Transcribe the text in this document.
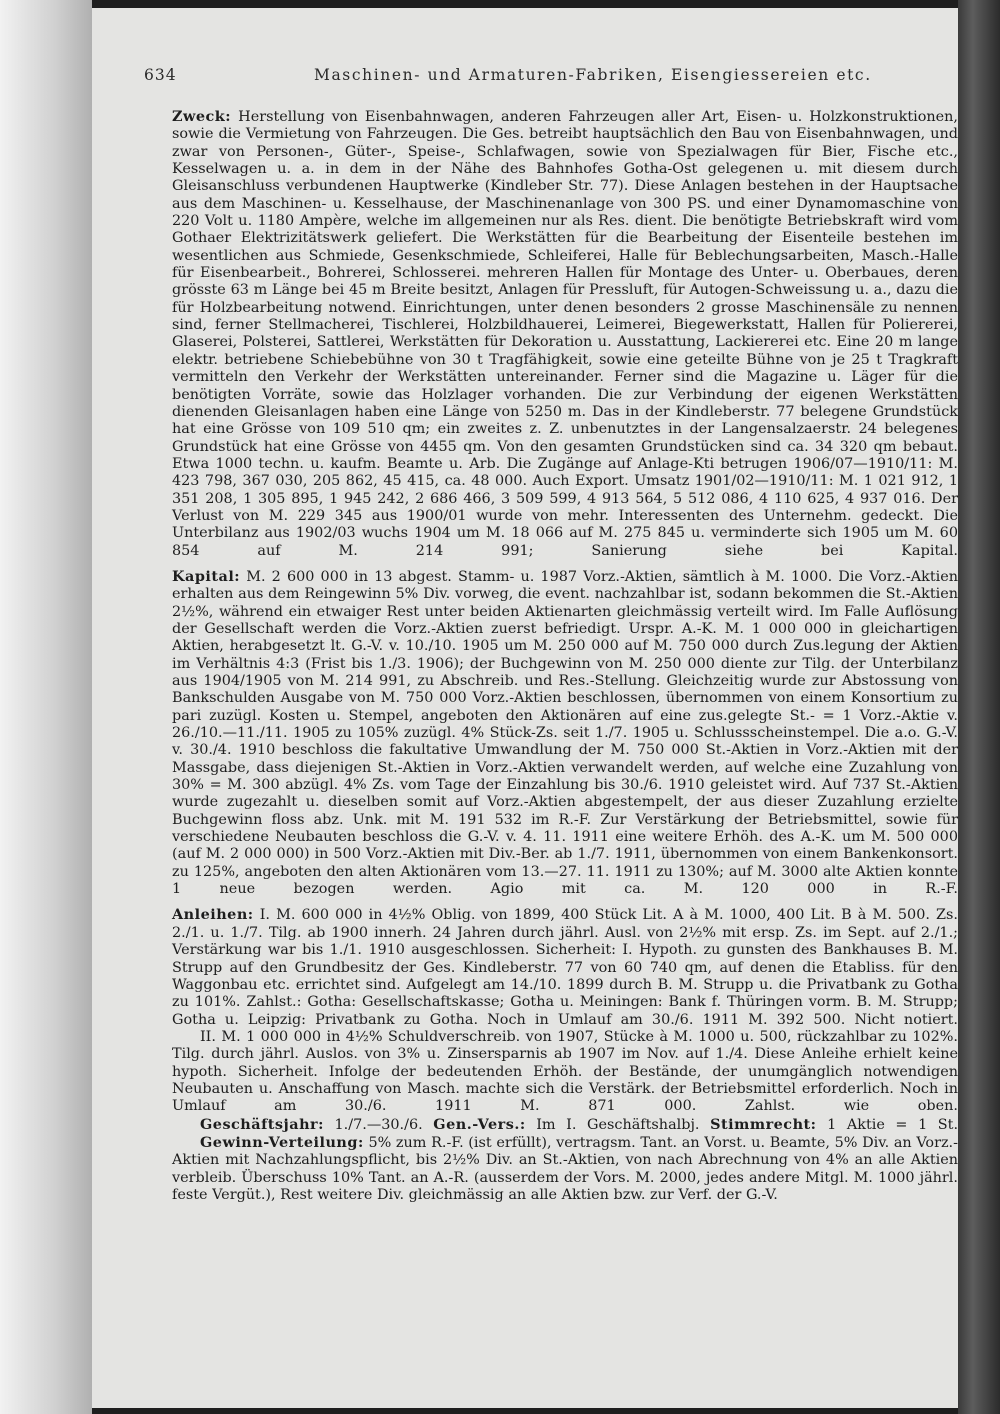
634	Maschinen- und Armaturen-Fabriken, Eisengiessereien etc.

Zweck: Herstellung von Eisenbahnwagen, anderen Fahrzeugen aller Art, Eisen- u. Holzkonstruktionen, sowie die Vermietung von Fahrzeugen. Die Ges. betreibt hauptsächlich den Bau von Eisenbahnwagen, und zwar von Personen-, Güter-, Speise-, Schlafwagen, sowie von Spezialwagen für Bier, Fische etc., Kesselwagen u. a. in dem in der Nähe des Bahnhofes Gotha-Ost gelegenen u. mit diesem durch Gleisanschluss verbundenen Hauptwerke (Kindleber Str. 77). Diese Anlagen bestehen in der Hauptsache aus dem Maschinen- u. Kesselhause, der Maschinenanlage von 300 PS. und einer Dynamomaschine von 220 Volt u. 1180 Ampère, welche im allgemeinen nur als Res. dient. Die benötigte Betriebskraft wird vom Gothaer Elektrizitätswerk geliefert. Die Werkstätten für die Bearbeitung der Eisenteile bestehen im wesentlichen aus Schmiede, Gesenkschmiede, Schleiferei, Halle für Beblechungsarbeiten, Masch.-Halle für Eisenbearbeit., Bohrerei, Schlosserei. mehreren Hallen für Montage des Unter- u. Oberbaues, deren grösste 63 m Länge bei 45 m Breite besitzt, Anlagen für Pressluft, für Autogen-Schweissung u. a., dazu die für Holzbearbeitung notwend. Einrichtungen, unter denen besonders 2 grosse Maschinensäle zu nennen sind, ferner Stellmacherei, Tischlerei, Holzbildhauerei, Leimerei, Biegewerkstatt, Hallen für Poliererei, Glaserei, Polsterei, Sattlerei, Werkstätten für Dekoration u. Ausstattung, Lackiererei etc. Eine 20 m lange elektr. betriebene Schiebebühne von 30 t Tragfähigkeit, sowie eine geteilte Bühne von je 25 t Tragkraft vermitteln den Verkehr der Werkstätten untereinander. Ferner sind die Magazine u. Läger für die benötigten Vorräte, sowie das Holzlager vorhanden. Die zur Verbindung der eigenen Werkstätten dienenden Gleisanlagen haben eine Länge von 5250 m. Das in der Kindleberstr. 77 belegene Grundstück hat eine Grösse von 109 510 qm; ein zweites z. Z. unbenutztes in der Langensalzaerstr. 24 belegenes Grundstück hat eine Grösse von 4455 qm. Von den gesamten Grundstücken sind ca. 34 320 qm bebaut. Etwa 1000 techn. u. kaufm. Beamte u. Arb. Die Zugänge auf Anlage-Kti betrugen 1906/07—1910/11: M. 423 798, 367 030, 205 862, 45 415, ca. 48 000. Auch Export. Umsatz 1901/02—1910/11: M. 1 021 912, 1 351 208, 1 305 895, 1 945 242, 2 686 466, 3 509 599, 4 913 564, 5 512 086, 4 110 625, 4 937 016. Der Verlust von M. 229 345 aus 1900/01 wurde von mehr. Interessenten des Unternehm. gedeckt. Die Unterbilanz aus 1902/03 wuchs 1904 um M. 18 066 auf M. 275 845 u. verminderte sich 1905 um M. 60 854 auf M. 214 991; Sanierung siehe bei Kapital.

Kapital: M. 2 600 000 in 13 abgest. Stamm- u. 1987 Vorz.-Aktien, sämtlich à M. 1000. Die Vorz.-Aktien erhalten aus dem Reingewinn 5% Div. vorweg, die event. nachzahlbar ist, sodann bekommen die St.-Aktien 2½%, während ein etwaiger Rest unter beiden Aktienarten gleichmässig verteilt wird. Im Falle Auflösung der Gesellschaft werden die Vorz.-Aktien zuerst befriedigt. Urspr. A.-K. M. 1 000 000 in gleichartigen Aktien, herabgesetzt lt. G.-V. v. 10./10. 1905 um M. 250 000 auf M. 750 000 durch Zus.legung der Aktien im Verhältnis 4:3 (Frist bis 1./3. 1906); der Buchgewinn von M. 250 000 diente zur Tilg. der Unterbilanz aus 1904/1905 von M. 214 991, zu Abschreib. und Res.-Stellung. Gleichzeitig wurde zur Abstossung von Bankschulden Ausgabe von M. 750 000 Vorz.-Aktien beschlossen, übernommen von einem Konsortium zu pari zuzügl. Kosten u. Stempel, angeboten den Aktionären auf eine zus.gelegte St.- = 1 Vorz.-Aktie v. 26./10.—11./11. 1905 zu 105% zuzügl. 4% Stück-Zs. seit 1./7. 1905 u. Schlussscheinstempel. Die a.o. G.-V. v. 30./4. 1910 beschloss die fakultative Umwandlung der M. 750 000 St.-Aktien in Vorz.-Aktien mit der Massgabe, dass diejenigen St.-Aktien in Vorz.-Aktien verwandelt werden, auf welche eine Zuzahlung von 30% = M. 300 abzügl. 4% Zs. vom Tage der Einzahlung bis 30./6. 1910 geleistet wird. Auf 737 St.-Aktien wurde zugezahlt u. dieselben somit auf Vorz.-Aktien abgestempelt, der aus dieser Zuzahlung erzielte Buchgewinn floss abz. Unk. mit M. 191 532 im R.-F. Zur Verstärkung der Betriebsmittel, sowie für verschiedene Neubauten beschloss die G.-V. v. 4. 11. 1911 eine weitere Erhöh. des A.-K. um M. 500 000 (auf M. 2 000 000) in 500 Vorz.-Aktien mit Div.-Ber. ab 1./7. 1911, übernommen von einem Bankenkonsort. zu 125%, angeboten den alten Aktionären vom 13.—27. 11. 1911 zu 130%; auf M. 3000 alte Aktien konnte 1 neue bezogen werden. Agio mit ca. M. 120 000 in R.-F.

Anleihen: I. M. 600 000 in 4½% Oblig. von 1899, 400 Stück Lit. A à M. 1000, 400 Lit. B à M. 500. Zs. 2./1. u. 1./7. Tilg. ab 1900 innerh. 24 Jahren durch jährl. Ausl. von 2½% mit ersp. Zs. im Sept. auf 2./1.; Verstärkung war bis 1./1. 1910 ausgeschlossen. Sicherheit: I. Hypoth. zu gunsten des Bankhauses B. M. Strupp auf den Grundbesitz der Ges. Kindleberstr. 77 von 60 740 qm, auf denen die Etabliss. für den Waggonbau etc. errichtet sind. Aufgelegt am 14./10. 1899 durch B. M. Strupp u. die Privatbank zu Gotha zu 101%. Zahlst.: Gotha: Gesellschaftskasse; Gotha u. Meiningen: Bank f. Thüringen vorm. B. M. Strupp; Gotha u. Leipzig: Privatbank zu Gotha. Noch in Umlauf am 30./6. 1911 M. 392 500. Nicht notiert.

II. M. 1 000 000 in 4½% Schuldverschreib. von 1907, Stücke à M. 1000 u. 500, rückzahlbar zu 102%. Tilg. durch jährl. Auslos. von 3% u. Zinsersparnis ab 1907 im Nov. auf 1./4. Diese Anleihe erhielt keine hypoth. Sicherheit. Infolge der bedeutenden Erhöh. der Bestände, der unumgänglich notwendigen Neubauten u. Anschaffung von Masch. machte sich die Verstärk. der Betriebsmittel erforderlich. Noch in Umlauf am 30./6. 1911 M. 871 000. Zahlst. wie oben.

Geschäftsjahr: 1./7.—30./6. Gen.-Vers.: Im I. Geschäftshalbj. Stimmrecht: 1 Aktie = 1 St.

Gewinn-Verteilung: 5% zum R.-F. (ist erfüllt), vertragsm. Tant. an Vorst. u. Beamte, 5% Div. an Vorz.-Aktien mit Nachzahlungspflicht, bis 2½% Div. an St.-Aktien, von nach Abrechnung von 4% an alle Aktien verbleib. Überschuss 10% Tant. an A.-R. (ausserdem der Vors. M. 2000, jedes andere Mitgl. M. 1000 jährl. feste Vergüt.), Rest weitere Div. gleichmässig an alle Aktien bzw. zur Verf. der G.-V.
